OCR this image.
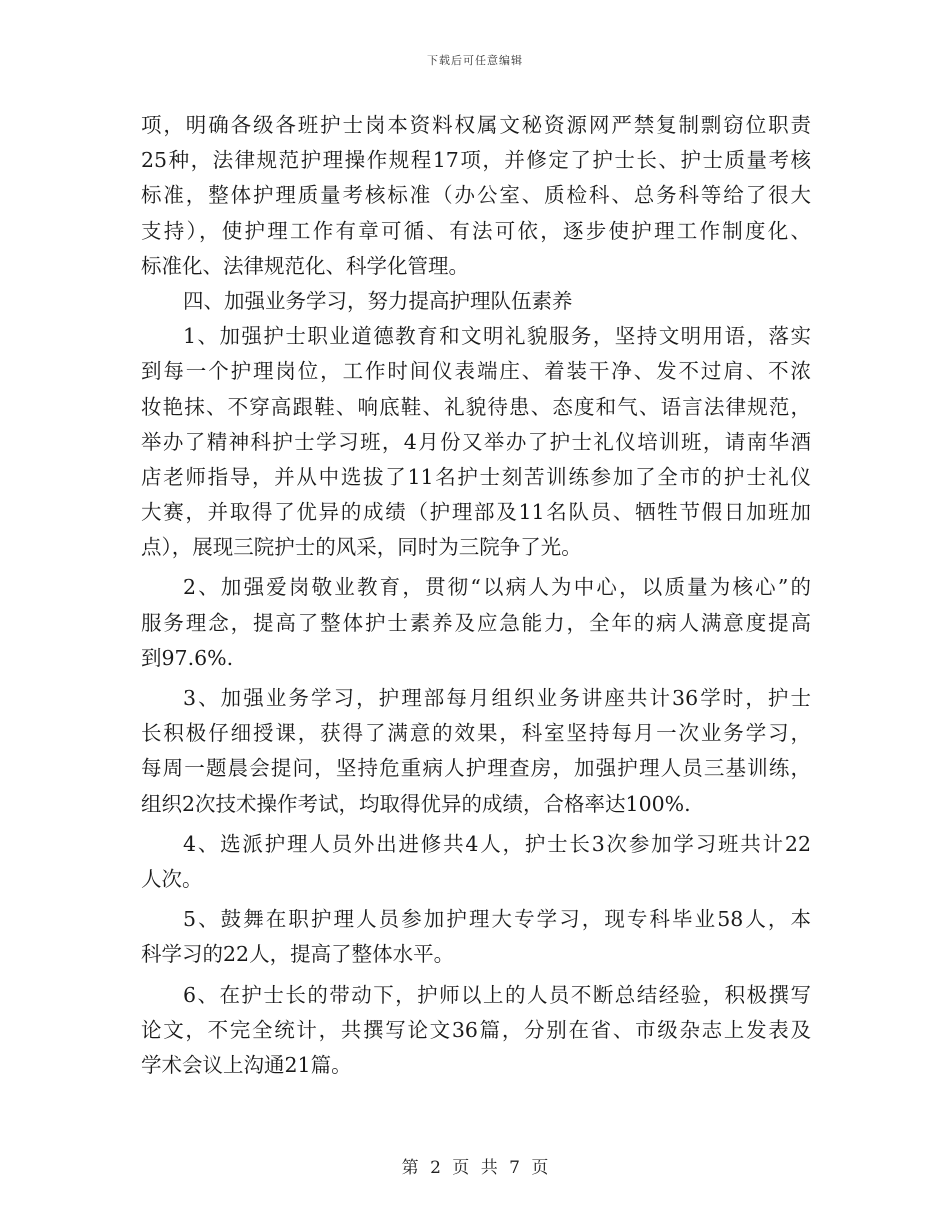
下载后可任意编辑
项，明确各级各班护士岗本资料权属文秘资源网严禁复制剽窃位职责
25种，法律规范护理操作规程17项，并修定了护士长、护士质量考核
标准，整体护理质量考核标准（办公室、质检科、总务科等给了很大
支持），使护理工作有章可循、有法可依，逐步使护理工作制度化、
标准化、法律规范化、科学化管理。
四、加强业务学习，努力提高护理队伍素养
1、加强护士职业道德教育和文明礼貌服务，坚持文明用语，落实
到每一个护理岗位，工作时间仪表端庄、着装干净、发不过肩、不浓
妆艳抹、不穿高跟鞋、响底鞋、礼貌待患、态度和气、语言法律规范，
举办了精神科护士学习班，4月份又举办了护士礼仪培训班，请南华酒
店老师指导，并从中选拔了11名护士刻苦训练参加了全市的护士礼仪
大赛，并取得了优异的成绩（护理部及11名队员、牺牲节假日加班加
点），展现三院护士的风采，同时为三院争了光。
2、加强爱岗敬业教育，贯彻“以病人为中心，以质量为核心”的
服务理念，提高了整体护士素养及应急能力，全年的病人满意度提高
到97.6%.
3、加强业务学习，护理部每月组织业务讲座共计36学时，护士
长积极仔细授课，获得了满意的效果，科室坚持每月一次业务学习，
每周一题晨会提问，坚持危重病人护理查房，加强护理人员三基训练，
组织2次技术操作考试，均取得优异的成绩，合格率达100%.
4、选派护理人员外出进修共4人，护士长3次参加学习班共计22
人次。
5、鼓舞在职护理人员参加护理大专学习，现专科毕业58人，本
科学习的22人，提高了整体水平。
6、在护士长的带动下，护师以上的人员不断总结经验，积极撰写
论文，不完全统计，共撰写论文36篇，分别在省、市级杂志上发表及
学术会议上沟通21篇。
第 2 页 共 7 页
